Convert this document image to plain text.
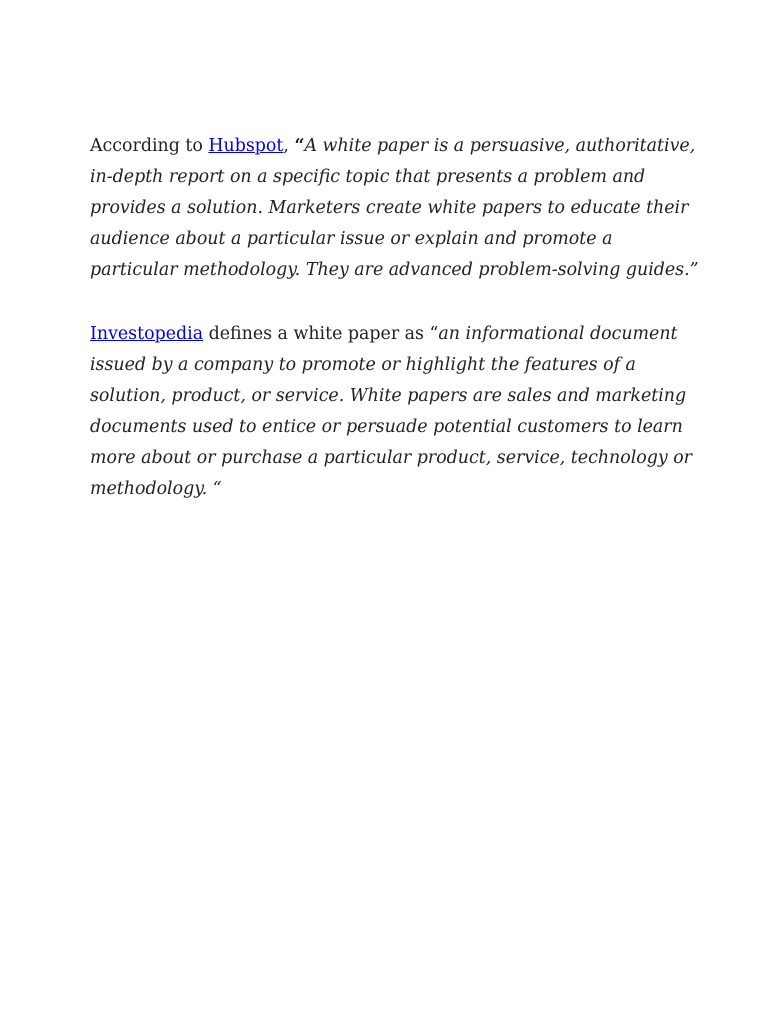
According to Hubspot, “A white paper is a persuasive, authoritative,
in-depth report on a specific topic that presents a problem and
provides a solution. Marketers create white papers to educate their
audience about a particular issue or explain and promote a
particular methodology. They are advanced problem-solving guides.”

Investopedia defines a white paper as “an informational document
issued by a company to promote or highlight the features of a
solution, product, or service. White papers are sales and marketing
documents used to entice or persuade potential customers to learn
more about or purchase a particular product, service, technology or
methodology. “
